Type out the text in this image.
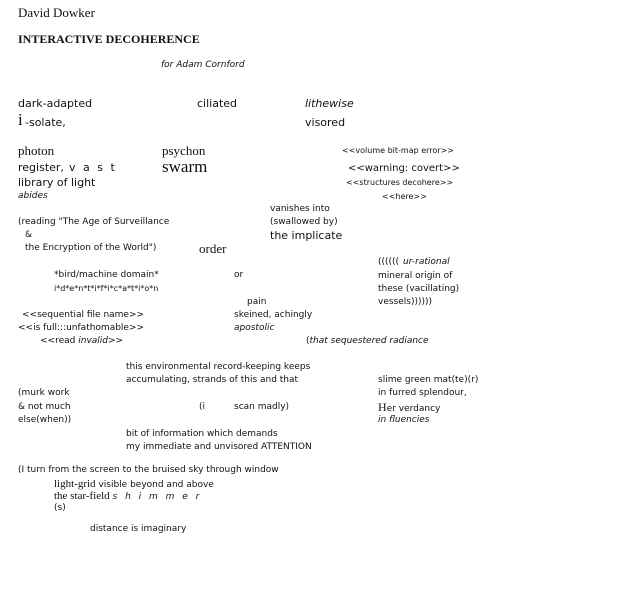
David Dowker
INTERACTIVE DECOHERENCE
for Adam Cornford
dark-adapted	ciliated	lithewise
i -solate,	visored
photon	psychon	<<volume bit-map error>>
register, v a s t	swarm	<<warning: covert>>
library of light	<<structures decohere>>
abides	<<here>>
vanishes into
(reading "The Age of Surveillance	(swallowed by)
&	the implicate
the Encryption of the World")	order
(((((( ur-rational
*bird/machine domain*	or	mineral origin of
i*d*e*n*t*i*f*i*c*a*t*i*o*n	these (vacillating)
pain	vessels))))))
<<sequential file name>>	skeined, achingly
<<is full:::unfathomable>>	apostolic
<<read invalid>>	(that sequestered radiance
this environmental record-keeping keeps
accumulating, strands of this and that	slime green mat(te)(r)
(murk work	in furred splendour,
& not much	(i	scan madly)	Her verdancy
else(when))	in fluencies
bit of information which demands
my immediate and unvisored ATTENTION
(I turn from the screen to the bruised sky through window
light-grid visible beyond and above
the star-field s h i m m e r
(s)
distance is imaginary
